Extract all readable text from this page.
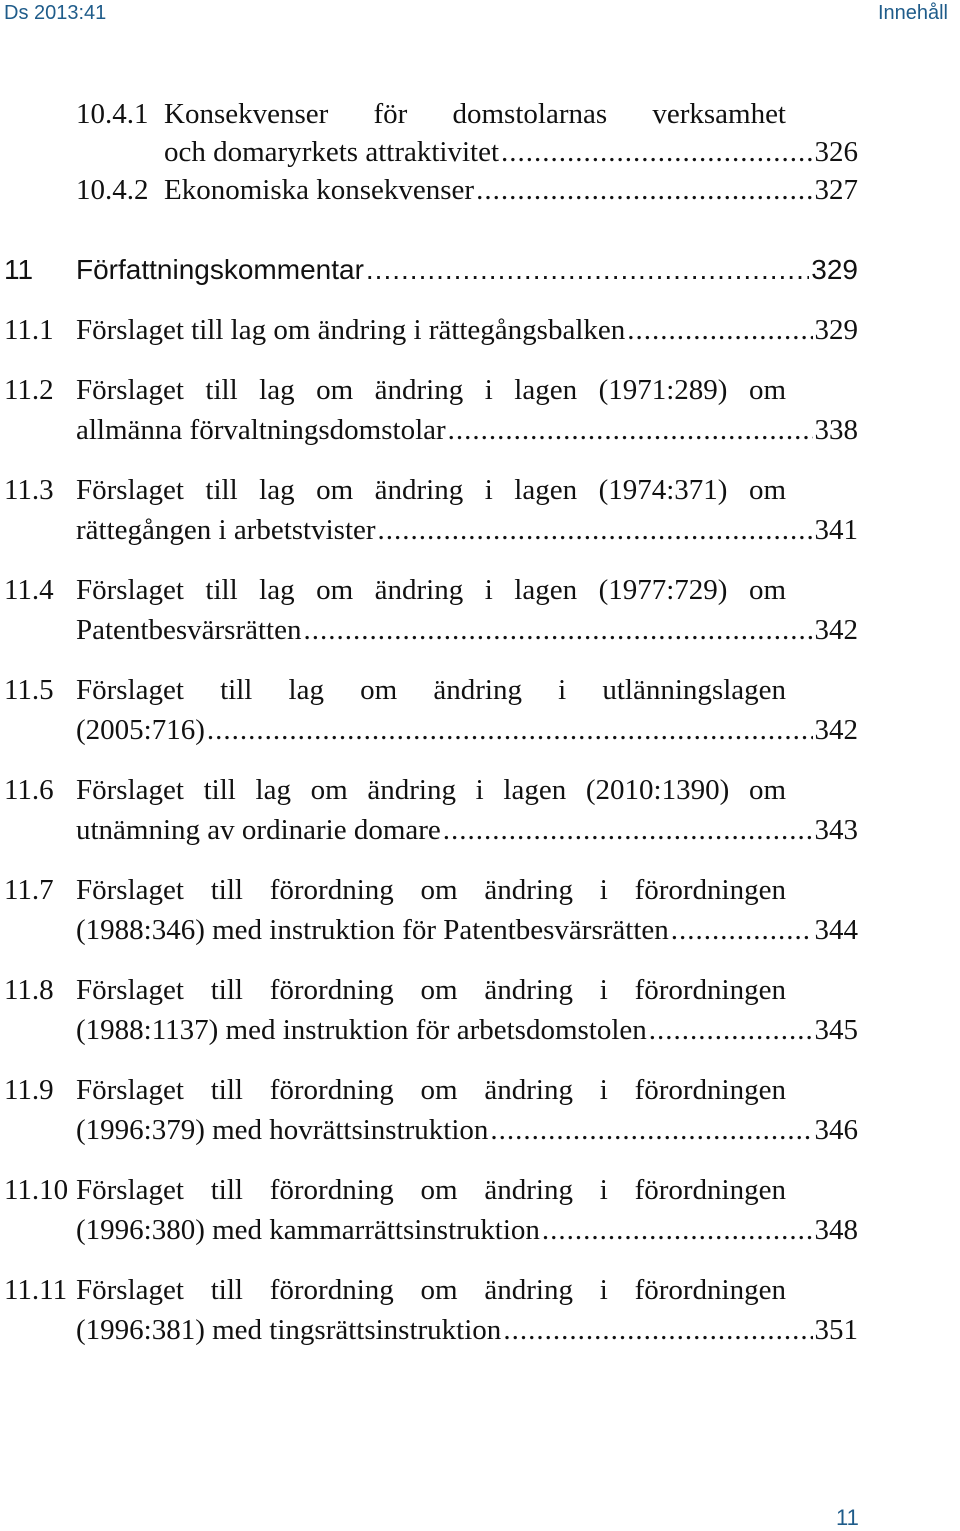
Ds 2013:41	Innehåll
10.4.1 Konsekvenser för domstolarnas verksamhet
och domaryrkets attraktivitet .....	326
10.4.2 Ekonomiska konsekvenser .....	327
11 Författningskommentar .....	329
11.1 Förslaget till lag om ändring i rättegångsbalken .....	329
11.2 Förslaget till lag om ändring i lagen (1971:289) om
allmänna förvaltningsdomstolar .....	338
11.3 Förslaget till lag om ändring i lagen (1974:371) om
rättegången i arbetstvister .....	341
11.4 Förslaget till lag om ändring i lagen (1977:729) om
Patentbesvärsrätten .....	342
11.5 Förslaget till lag om ändring i utlänningslagen
(2005:716) .....	342
11.6 Förslaget till lag om ändring i lagen (2010:1390) om
utnämning av ordinarie domare .....	343
11.7 Förslaget till förordning om ändring i förordningen
(1988:346) med instruktion för Patentbesvärsrätten .....	344
11.8 Förslaget till förordning om ändring i förordningen
(1988:1137) med instruktion för arbetsdomstolen .....	345
11.9 Förslaget till förordning om ändring i förordningen
(1996:379) med hovrättsinstruktion .....	346
11.10 Förslaget till förordning om ändring i förordningen
(1996:380) med kammarrättsinstruktion .....	348
11.11 Förslaget till förordning om ändring i förordningen
(1996:381) med tingsrättsinstruktion .....	351
11
